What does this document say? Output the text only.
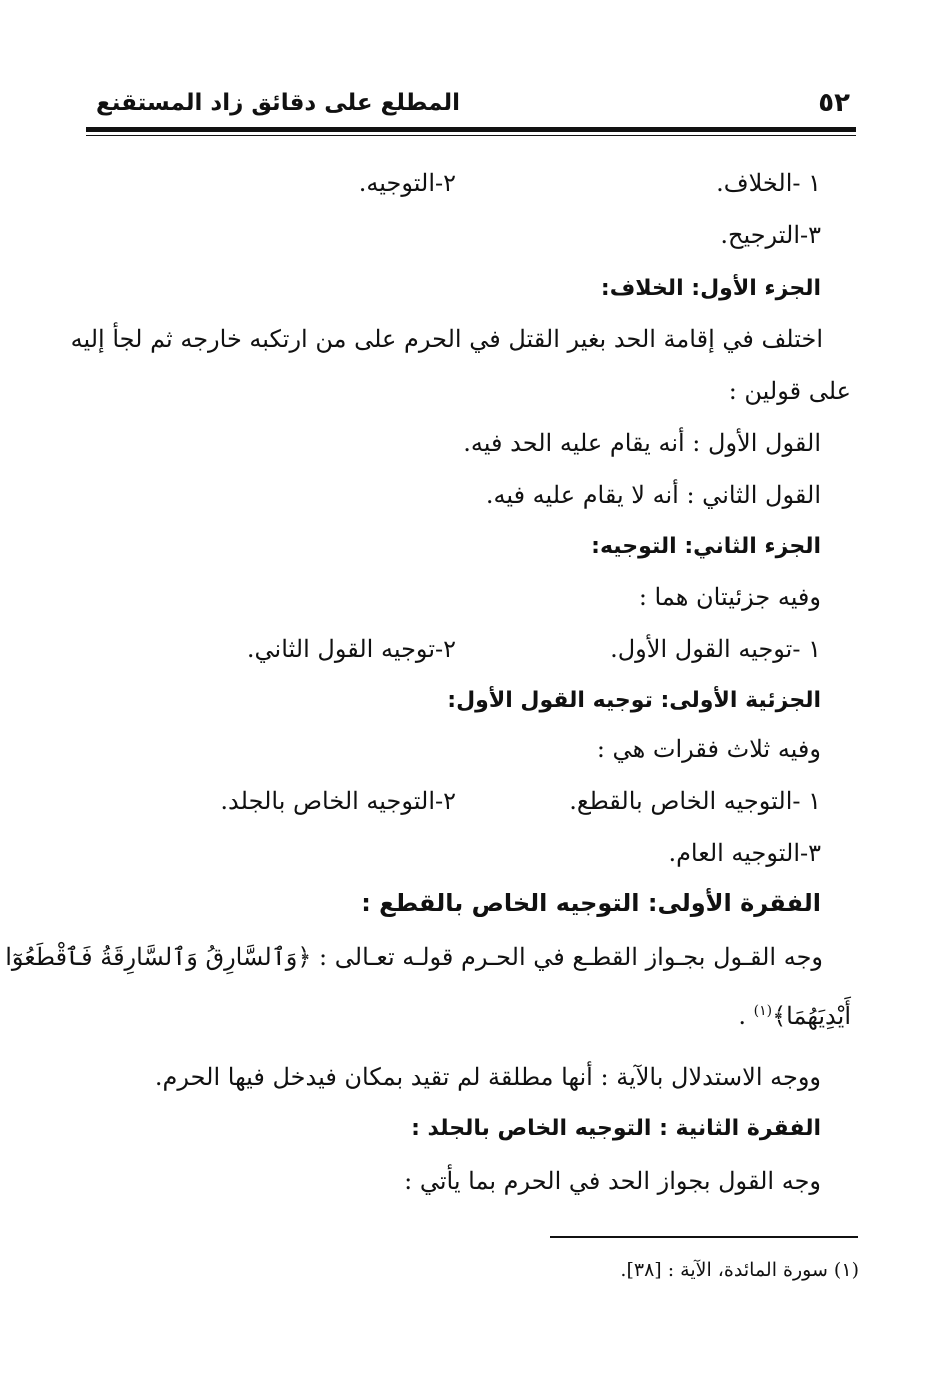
٥٢
المطلع على دقائق زاد المستقنع
١ -الخلاف.
٢-التوجيه.
٣-الترجيح.
الجزء الأول: الخلاف:
اختلف في إقامة الحد بغير القتل في الحرم على من ارتكبه خارجه ثم لجأ إليه
على قولين :
القول الأول : أنه يقام عليه الحد فيه.
القول الثاني : أنه لا يقام عليه فيه.
الجزء الثاني: التوجيه:
وفيه جزئيتان هما :
١ -توجيه القول الأول.
٢-توجيه القول الثاني.
الجزئية الأولى: توجيه القول الأول:
وفيه ثلاث فقرات هي :
١ -التوجيه الخاص بالقطع.
٢-التوجيه الخاص بالجلد.
٣-التوجيه العام.
الفقرة الأولى: التوجيه الخاص بالقطع :
وجه القـول بجـواز القطـع في الحـرم قولـه تعـالى : ﴿وَٱلسَّارِقُ وَٱلسَّارِقَةُ فَٱقْطَعُوٓا
أَيْدِيَهُمَا﴾$^{(١)}$ .
ووجه الاستدلال بالآية : أنها مطلقة لم تقيد بمكان فيدخل فيها الحرم.
الفقرة الثانية : التوجيه الخاص بالجلد :
وجه القول بجواز الحد في الحرم بما يأتي :
(١) سورة المائدة، الآية : [٣٨].
